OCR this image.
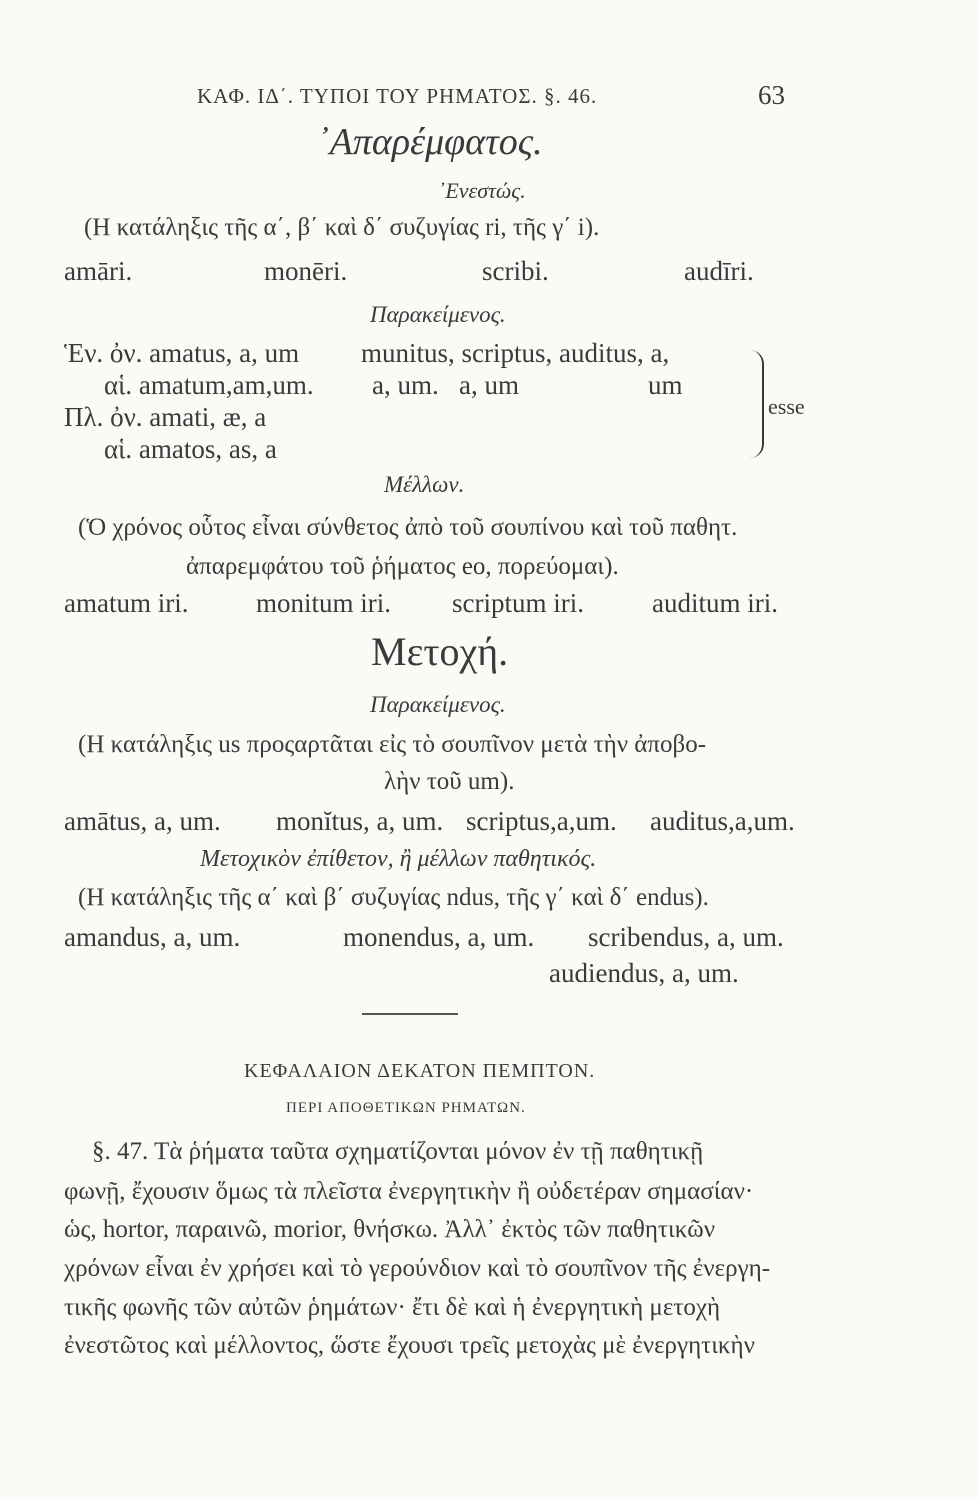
ΚΑΦ. ΙΔ΄. ΤΥΠΟΙ ΤΟΥ ΡΗΜΑΤΟΣ. §. 46.	63
᾿Απαρέμφατος.
᾿Ενεστώς.
(Η κατάληξις τῆς α΄, β΄ καὶ δ΄ συζυγίας ri, τῆς γ΄ i).
amāri.	monēri.	scribi.	audīri.
Παρακείμενος.
Ἑν. ὀν. amatus, a, um munitus, scriptus, auditus, a,
αἱ. amatum,am,um. a, um.   a, um	um
Πλ. ὀν. amati, æ, a
αἱ. amatos, as, a
esse
Μέλλων.
(Ὁ χρόνος οὗτος εἶναι σύνθετος ἀπὸ τοῦ σουπίνου καὶ τοῦ παθητ.
ἀπαρεμφάτου τοῦ ῥήματος eo, πορεύομαι).
amatum iri.	monitum iri. scriptum iri.	auditum iri.
Μετοχή.
Παρακείμενος.
(Η κατάληξις us προςαρτᾶται εἰς τὸ σουπῖνον μετὰ τὴν ἀποβο-
λὴν τοῦ um).
amātus, a, um. monĭtus, a, um. scriptus,a,um. auditus,a,um.
Μετοχικὸν ἐπίθετον, ἢ μέλλων παθητικός.
(Η κατάληξις τῆς α΄ καὶ β΄ συζυγίας ndus, τῆς γ΄ καὶ δ΄ endus).
amandus, a, um.	monendus, a, um. scribendus, a, um.
audiendus, a, um.
ΚΕΦΑΛΑΙΟΝ ΔΕΚΑΤΟΝ ΠΕΜΠΤΟΝ.
ΠΕΡΙ ΑΠΟΘΕΤΙΚΩΝ ΡΗΜΑΤΩΝ.
§. 47. Τὰ ῥήματα ταῦτα σχηματίζονται μόνον ἐν τῇ παθητικῇ
φωνῇ, ἔχουσιν ὅμως τὰ πλεῖστα ἐνεργητικὴν ἢ οὐδετέραν σημασίαν·
ὡς, hortor, παραινῶ, morior, θνήσκω. Ἀλλ᾿ ἐκτὸς τῶν παθητικῶν
χρόνων εἶναι ἐν χρήσει καὶ τὸ γερούνδιον καὶ τὸ σουπῖνον τῆς ἐνεργη-
τικῆς φωνῆς τῶν αὐτῶν ῥημάτων· ἔτι δὲ καὶ ἡ ἐνεργητικὴ μετοχὴ
ἐνεστῶτος καὶ μέλλοντος, ὥστε ἔχουσι τρεῖς μετοχὰς μὲ ἐνεργητικὴν
